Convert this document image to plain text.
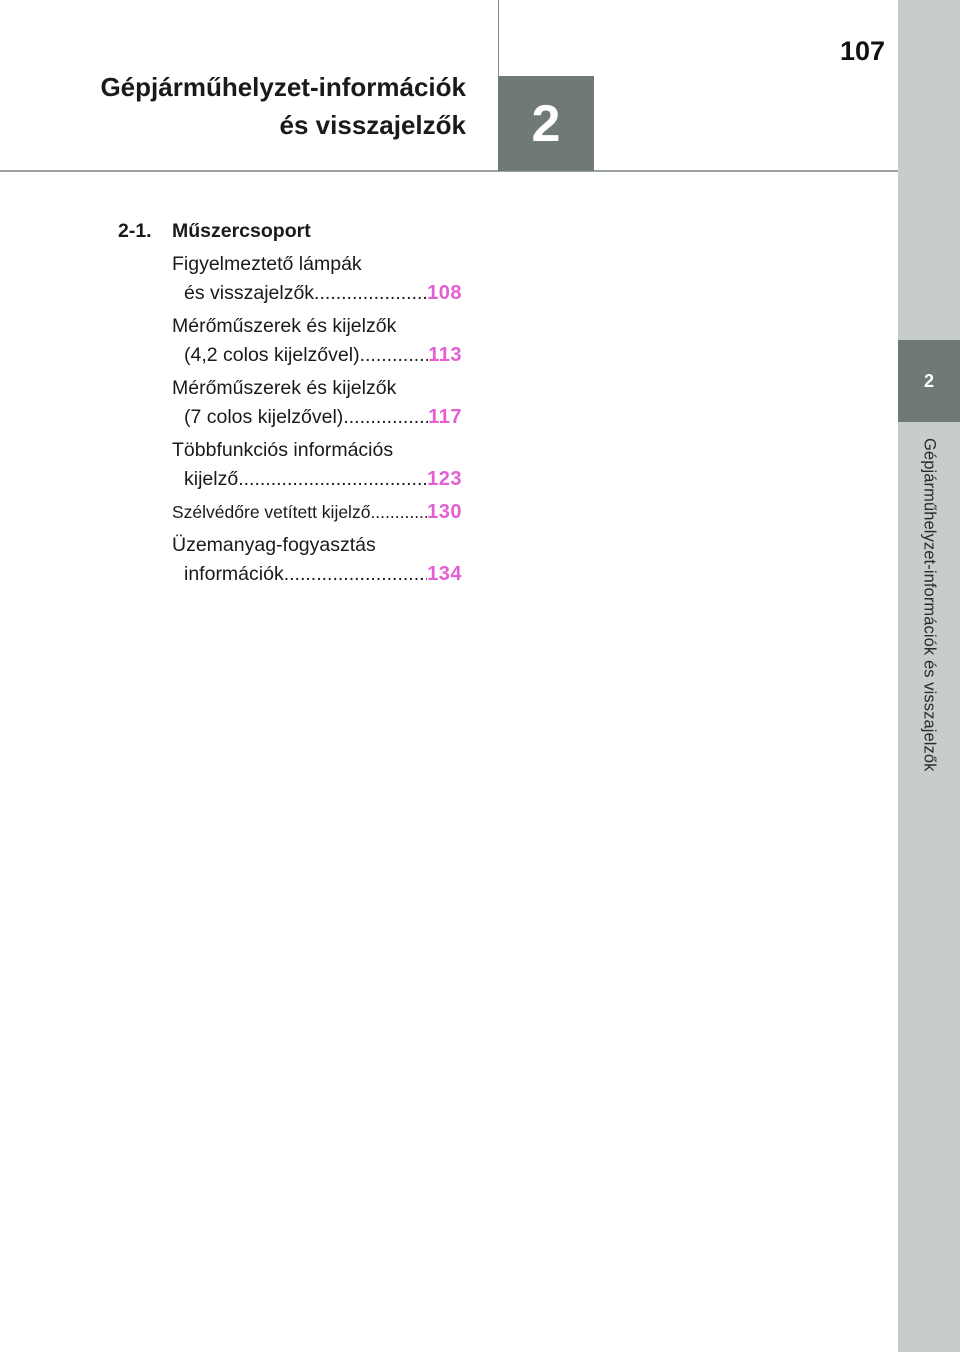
2
Gépjárműhelyzet-információk és visszajelzők
107
2
Gépjárműhelyzet-információk
és visszajelzők
2-1.	Műszercsoport
Figyelmeztető lámpák
és visszajelzők .....	108
Mérőműszerek és kijelzők
(4,2 colos kijelzővel) .....	113
Mérőműszerek és kijelzők
(7 colos kijelzővel) .....	117
Többfunkciós információs
kijelző .....	123
Szélvédőre vetített kijelző .....	130
Üzemanyag-fogyasztás
információk .....	134
